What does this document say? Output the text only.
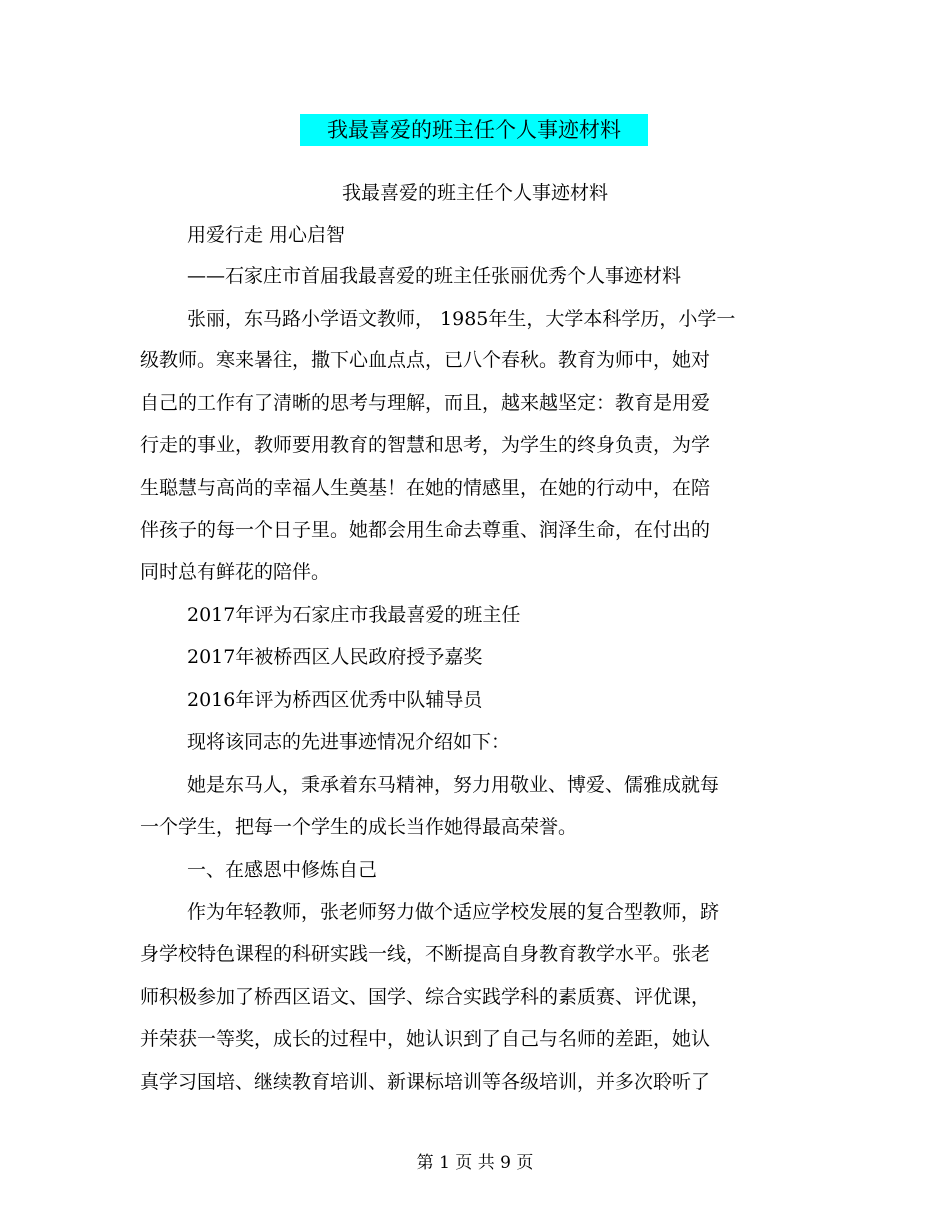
我最喜爱的班主任个人事迹材料
我最喜爱的班主任个人事迹材料
用爱行走 用心启智
——石家庄市首届我最喜爱的班主任张丽优秀个人事迹材料
张丽，东马路小学语文教师， 1985年生，大学本科学历，小学一
级教师。寒来暑往，撒下心血点点，已八个春秋。教育为师中，她对
自己的工作有了清晰的思考与理解，而且，越来越坚定：教育是用爱
行走的事业，教师要用教育的智慧和思考，为学生的终身负责，为学
生聪慧与高尚的幸福人生奠基！在她的情感里，在她的行动中，在陪
伴孩子的每一个日子里。她都会用生命去尊重、润泽生命，在付出的
同时总有鲜花的陪伴。
2017年评为石家庄市我最喜爱的班主任
2017年被桥西区人民政府授予嘉奖
2016年评为桥西区优秀中队辅导员
现将该同志的先进事迹情况介绍如下：
她是东马人，秉承着东马精神，努力用敬业、博爱、儒雅成就每
一个学生，把每一个学生的成长当作她得最高荣誉。
一、在感恩中修炼自己
作为年轻教师，张老师努力做个适应学校发展的复合型教师，跻
身学校特色课程的科研实践一线，不断提高自身教育教学水平。张老
师积极参加了桥西区语文、国学、综合实践学科的素质赛、评优课，
并荣获一等奖，成长的过程中，她认识到了自己与名师的差距，她认
真学习国培、继续教育培训、新课标培训等各级培训，并多次聆听了
第 1 页 共 9 页
